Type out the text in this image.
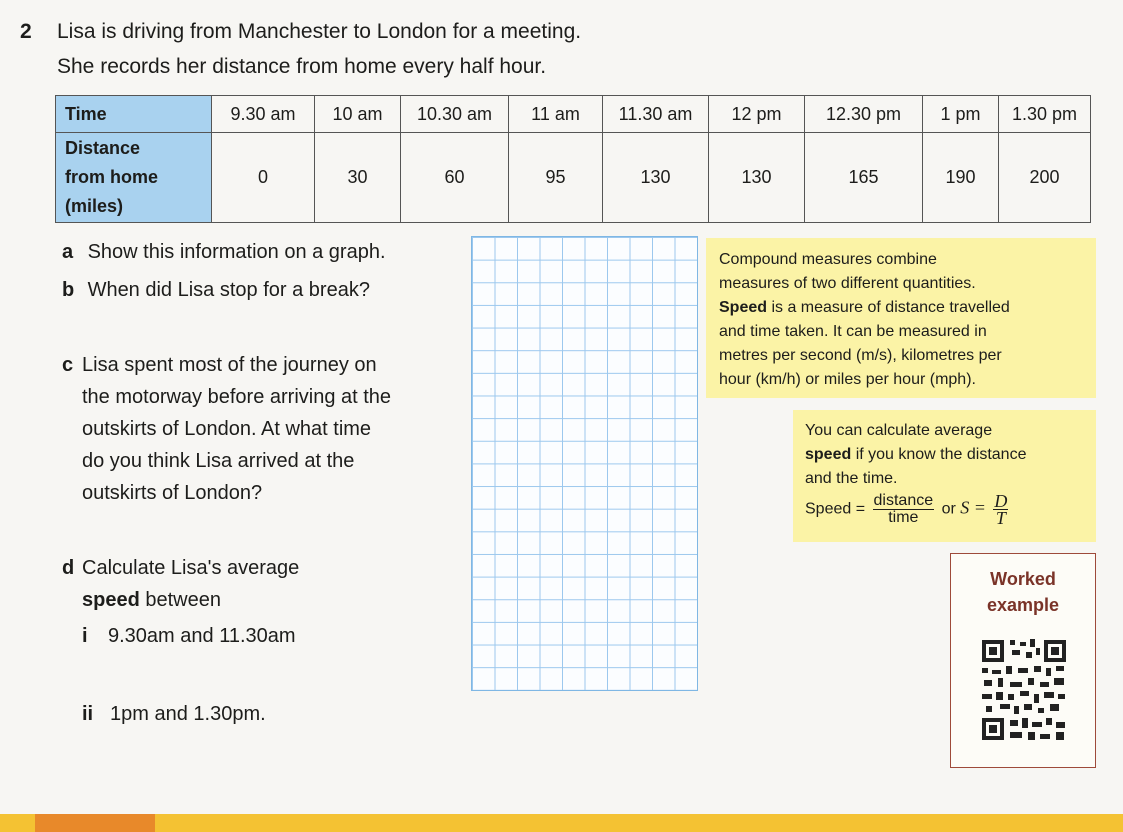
2 Lisa is driving from Manchester to London for a meeting.
She records her distance from home every half hour.
Time	9.30 am	10 am	10.30 am	11 am	11.30 am	12 pm	12.30 pm	1 pm	1.30 pm

Distance
from home
(miles)	0	30	60	95	130	130	165	190	200
a Show this information on a graph.
b When did Lisa stop for a break?
c Lisa spent most of the journey on
the motorway before arriving at the
outskirts of London. At what time
do you think Lisa arrived at the
outskirts of London?
d Calculate Lisa's average
speed between
i 9.30am and 11.30am
ii 1pm and 1.30pm.
Compound measures combine
measures of two different quantities.
Speed is a measure of distance travelled
and time taken. It can be measured in
metres per second (m/s), kilometres per
hour (km/h) or miles per hour (mph).
You can calculate average
speed if you know the distance
and the time.
Speed = $\frac{\text{distance}}{\text{time}}$ or $S = \frac{D}{T}$
Worked
example
